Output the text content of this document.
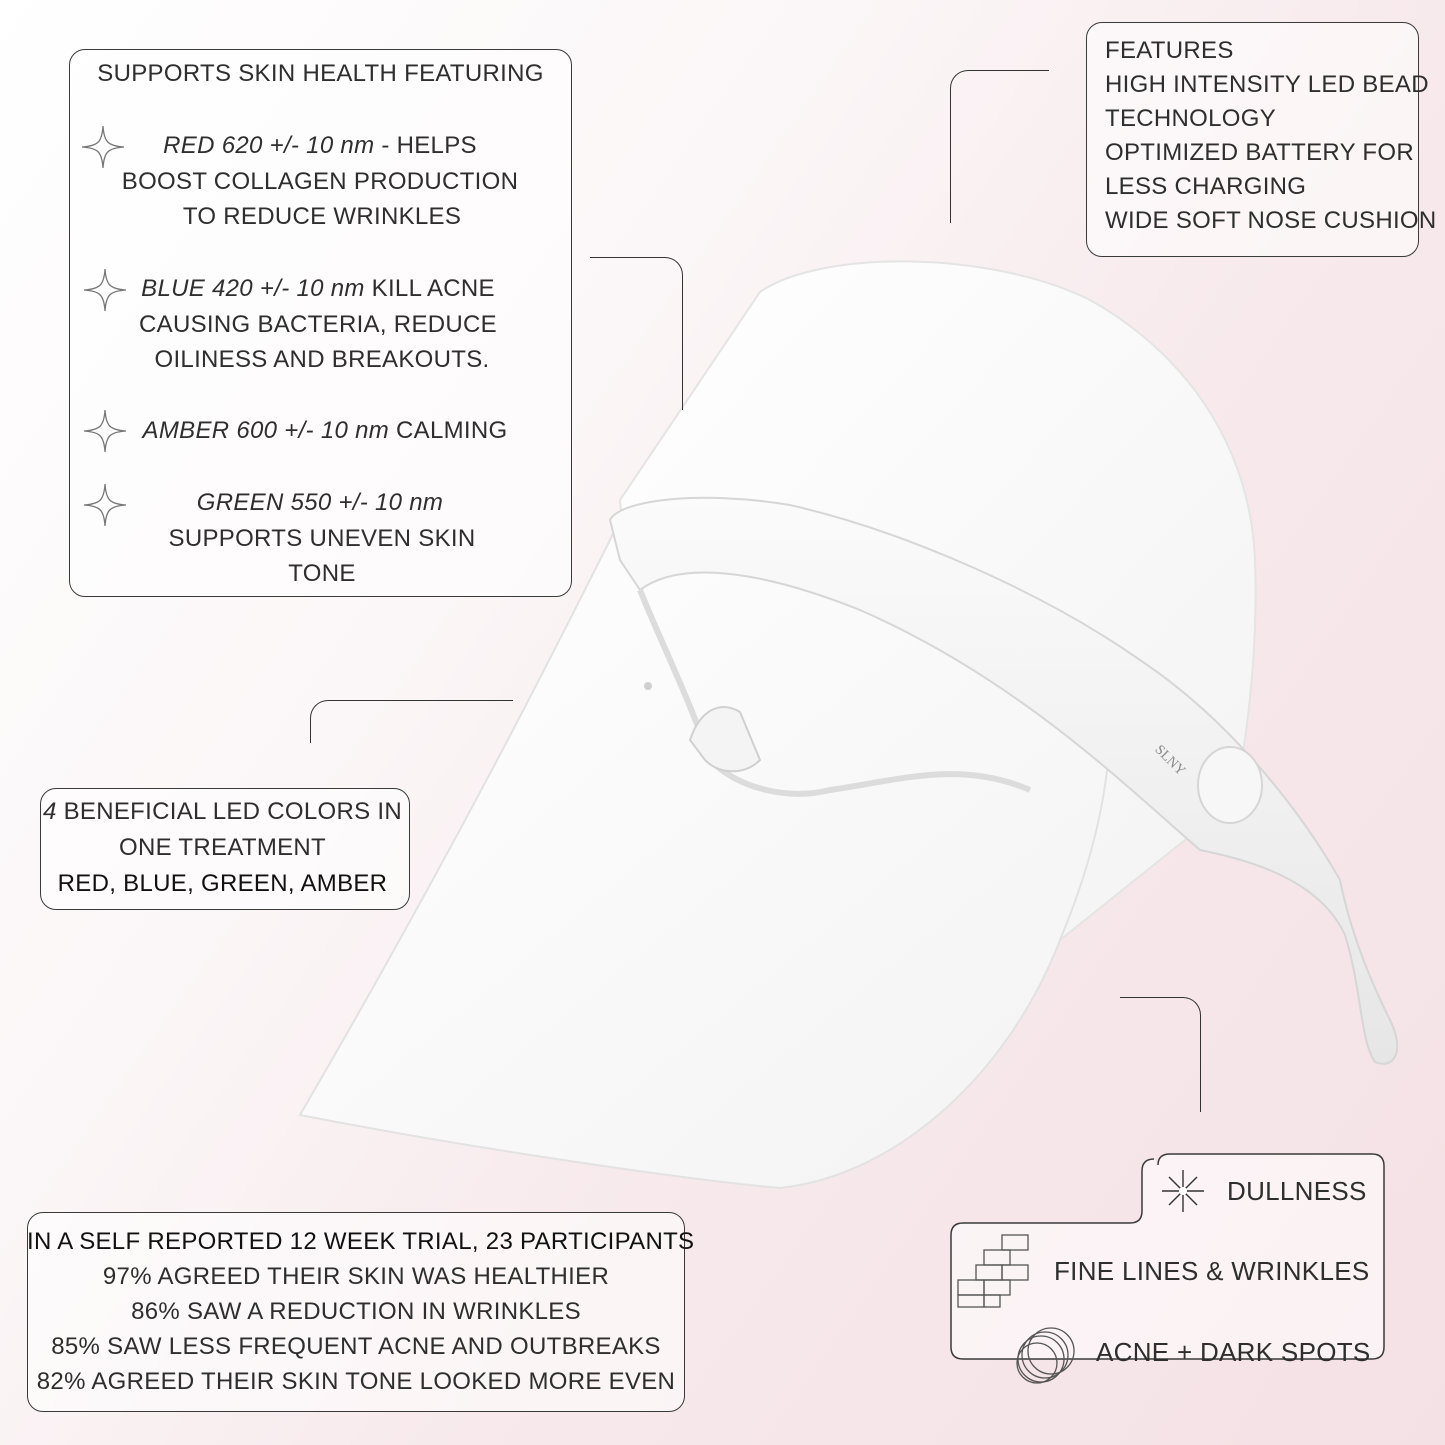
SLNY
SUPPORTS SKIN HEALTH FEATURING
RED 620 +/- 10 nm - HELPS
BOOST COLLAGEN PRODUCTION
TO REDUCE WRINKLES
BLUE 420 +/- 10 nm KILL ACNE
CAUSING BACTERIA, REDUCE
OILINESS AND BREAKOUTS.
AMBER 600 +/- 10 nm CALMING
GREEN 550 +/- 10 nm
SUPPORTS UNEVEN SKIN
TONE
FEATURES
HIGH INTENSITY LED BEAD
TECHNOLOGY
OPTIMIZED BATTERY FOR
LESS CHARGING
WIDE SOFT NOSE CUSHION
4 BENEFICIAL LED COLORS IN
ONE TREATMENT
RED, BLUE, GREEN, AMBER
IN A SELF REPORTED 12 WEEK TRIAL, 23 PARTICIPANTS
97% AGREED THEIR SKIN WAS HEALTHIER
86% SAW A REDUCTION IN WRINKLES
85% SAW LESS FREQUENT ACNE AND OUTBREAKS
82% AGREED THEIR SKIN TONE LOOKED MORE EVEN
DULLNESS
FINE LINES & WRINKLES
ACNE + DARK SPOTS
